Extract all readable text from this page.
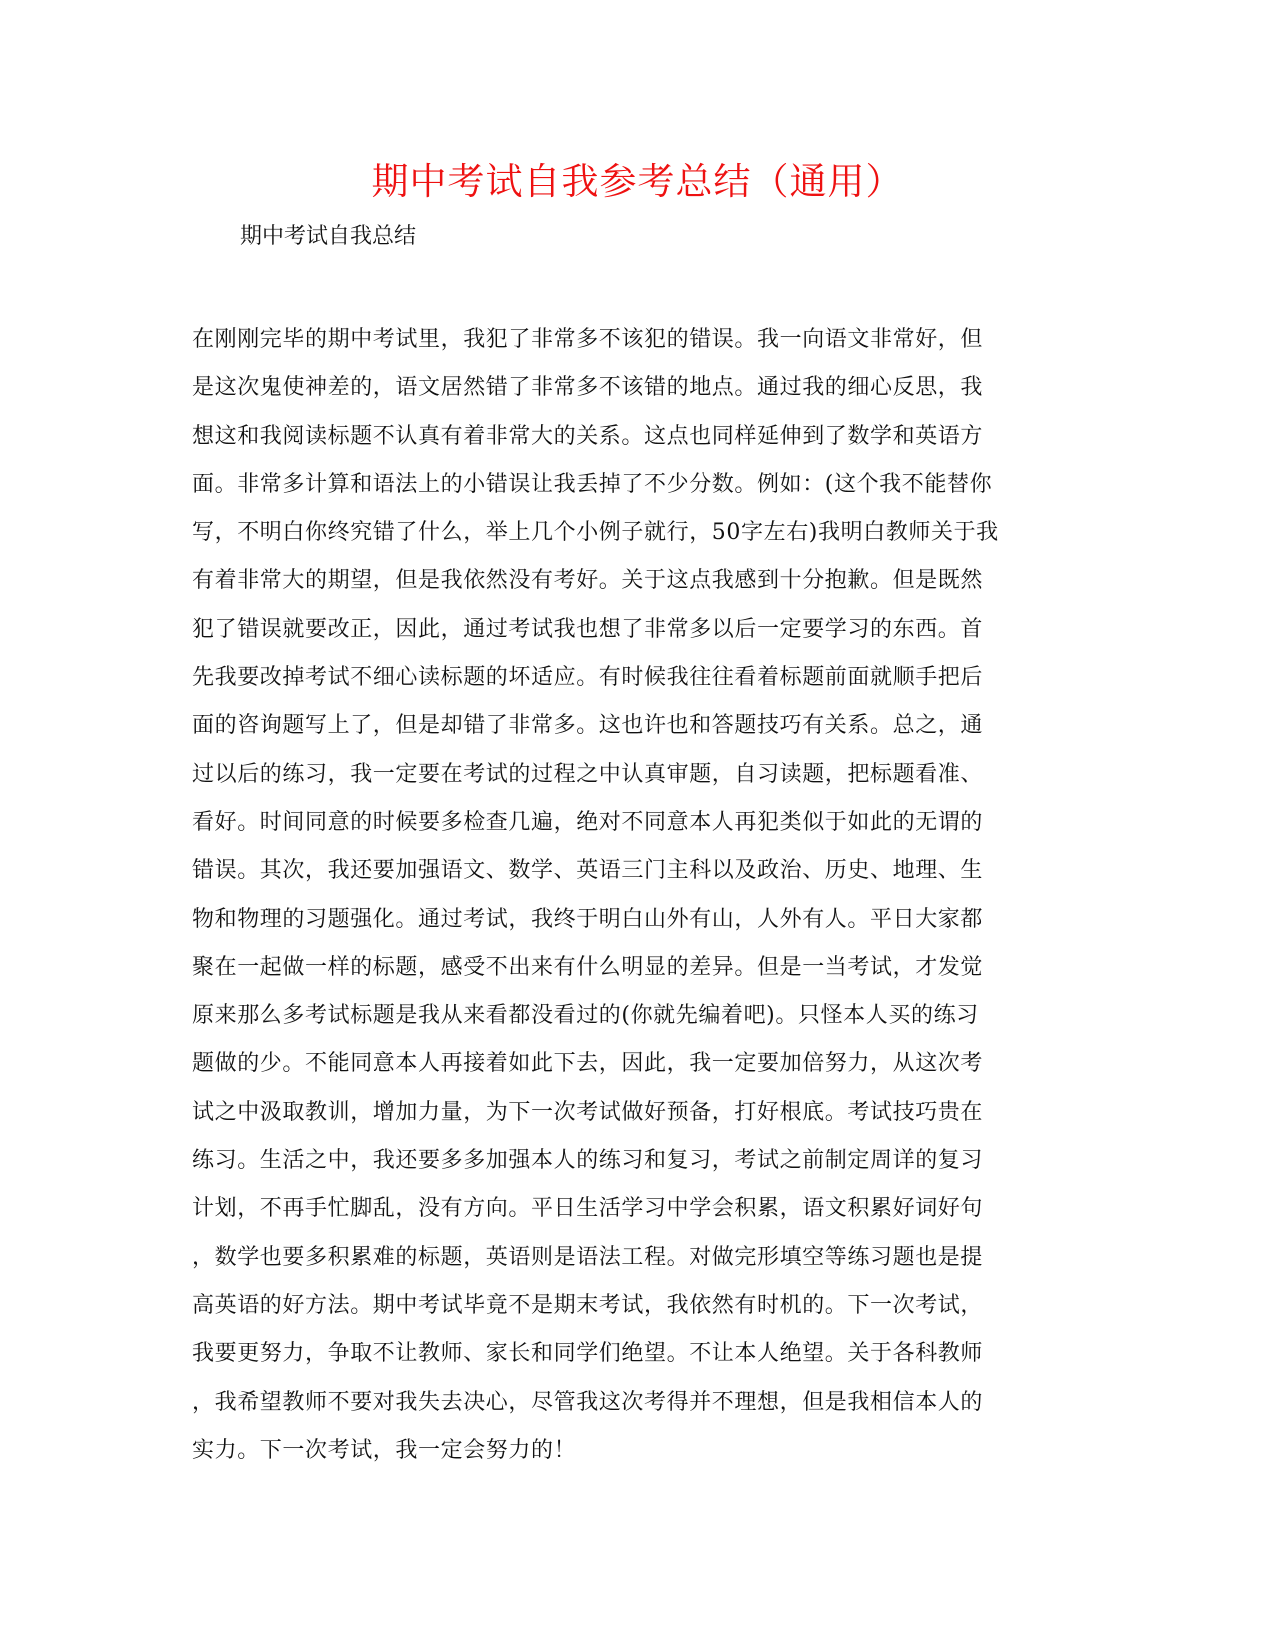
期中考试自我参考总结（通用）

期中考试自我总结

在刚刚完毕的期中考试里，我犯了非常多不该犯的错误。我一向语文非常好，但
是这次鬼使神差的，语文居然错了非常多不该错的地点。通过我的细心反思，我
想这和我阅读标题不认真有着非常大的关系。这点也同样延伸到了数学和英语方
面。非常多计算和语法上的小错误让我丢掉了不少分数。例如：(这个我不能替你
写，不明白你终究错了什么，举上几个小例子就行，50字左右)我明白教师关于我
有着非常大的期望，但是我依然没有考好。关于这点我感到十分抱歉。但是既然
犯了错误就要改正，因此，通过考试我也想了非常多以后一定要学习的东西。首
先我要改掉考试不细心读标题的坏适应。有时候我往往看着标题前面就顺手把后
面的咨询题写上了，但是却错了非常多。这也许也和答题技巧有关系。总之，通
过以后的练习，我一定要在考试的过程之中认真审题，自习读题，把标题看准、
看好。时间同意的时候要多检查几遍，绝对不同意本人再犯类似于如此的无谓的
错误。其次，我还要加强语文、数学、英语三门主科以及政治、历史、地理、生
物和物理的习题强化。通过考试，我终于明白山外有山，人外有人。平日大家都
聚在一起做一样的标题，感受不出来有什么明显的差异。但是一当考试，才发觉
原来那么多考试标题是我从来看都没看过的(你就先编着吧)。只怪本人买的练习
题做的少。不能同意本人再接着如此下去，因此，我一定要加倍努力，从这次考
试之中汲取教训，增加力量，为下一次考试做好预备，打好根底。考试技巧贵在
练习。生活之中，我还要多多加强本人的练习和复习，考试之前制定周详的复习
计划，不再手忙脚乱，没有方向。平日生活学习中学会积累，语文积累好词好句
，数学也要多积累难的标题，英语则是语法工程。对做完形填空等练习题也是提
高英语的好方法。期中考试毕竟不是期末考试，我依然有时机的。下一次考试，
我要更努力，争取不让教师、家长和同学们绝望。不让本人绝望。关于各科教师
，我希望教师不要对我失去决心，尽管我这次考得并不理想，但是我相信本人的
实力。下一次考试，我一定会努力的！
